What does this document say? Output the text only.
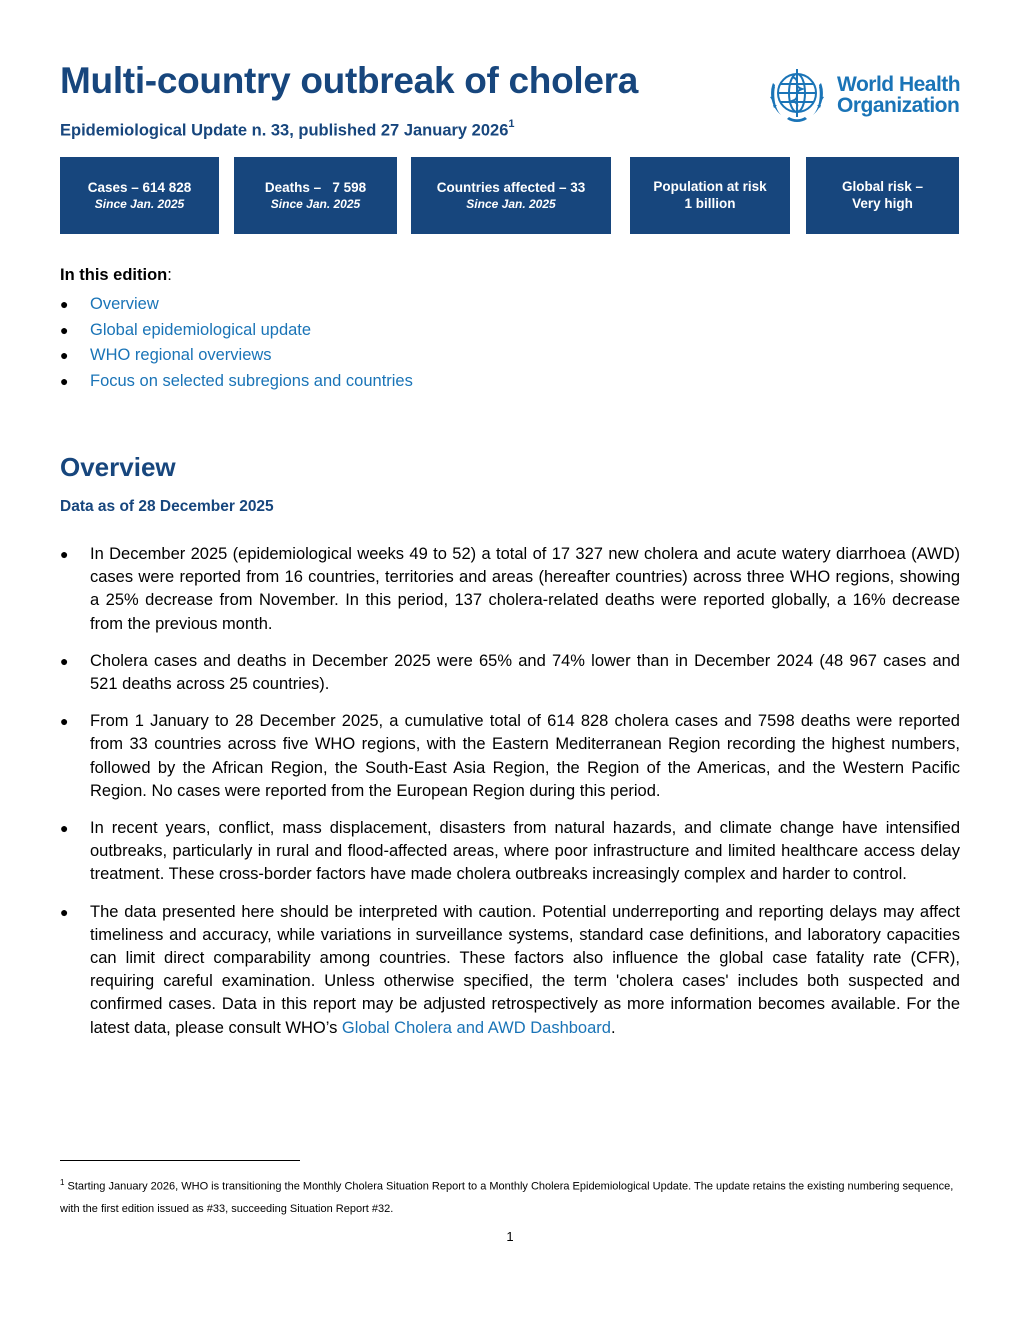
Multi-country outbreak of cholera

Epidemiological Update n. 33, published 27 January 2026$^1$

World Health
Organization
Cases – 614 828
Since Jan. 2025
Deaths –   7 598
Since Jan. 2025
Countries affected – 33
Since Jan. 2025
Population at risk
1 billion
Global risk –
Very high
In this edition:
● Overview
● Global epidemiological update
● WHO regional overviews
● Focus on selected subregions and countries
Overview
Data as of 28 December 2025
● In December 2025 (epidemiological weeks 49 to 52) a total of 17 327 new cholera and acute watery diarrhoea (AWD) cases were reported from 16 countries, territories and areas (hereafter countries) across three WHO regions, showing a 25% decrease from November. In this period, 137 cholera-related deaths were reported globally, a 16% decrease from the previous month.
● Cholera cases and deaths in December 2025 were 65% and 74% lower than in December 2024 (48 967 cases and 521 deaths across 25 countries).
● From 1 January to 28 December 2025, a cumulative total of 614 828 cholera cases and 7598 deaths were reported from 33 countries across five WHO regions, with the Eastern Mediterranean Region recording the highest numbers, followed by the African Region, the South-East Asia Region, the Region of the Americas, and the Western Pacific Region. No cases were reported from the European Region during this period.
● In recent years, conflict, mass displacement, disasters from natural hazards, and climate change have intensified outbreaks, particularly in rural and flood-affected areas, where poor infrastructure and limited healthcare access delay treatment. These cross-border factors have made cholera outbreaks increasingly complex and harder to control.
● The data presented here should be interpreted with caution. Potential underreporting and reporting delays may affect timeliness and accuracy, while variations in surveillance systems, standard case definitions, and laboratory capacities can limit direct comparability among countries. These factors also influence the global case fatality rate (CFR), requiring careful examination. Unless otherwise specified, the term 'cholera cases' includes both suspected and confirmed cases. Data in this report may be adjusted retrospectively as more information becomes available. For the latest data, please consult WHO’s Global Cholera and AWD Dashboard.
$^1$ Starting January 2026, WHO is transitioning the Monthly Cholera Situation Report to a Monthly Cholera Epidemiological Update. The update retains the existing numbering sequence, with the first edition issued as #33, succeeding Situation Report #32.
1
